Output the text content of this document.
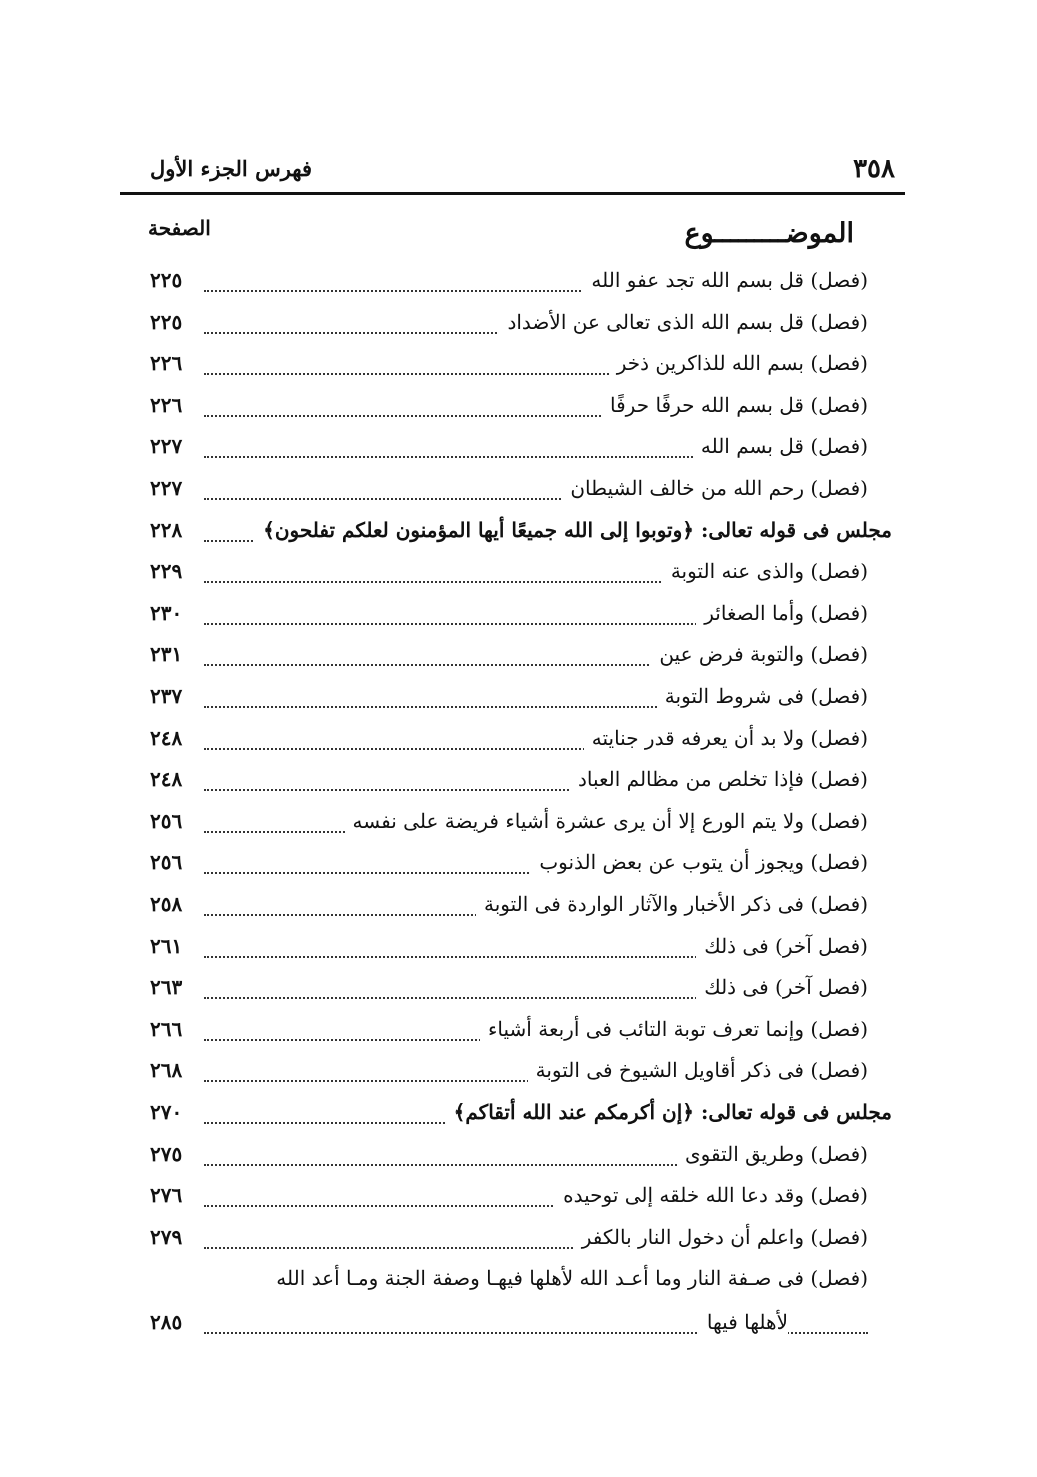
٣٥٨
فهرس الجزء الأول
الموضـــــــــوع
الصفحة
(فصل) قل بسم الله تجد عفو الله
٢٢٥
(فصل) قل بسم الله الذى تعالى عن الأضداد
٢٢٥
(فصل) بسم الله للذاكرين ذخر
٢٢٦
(فصل) قل بسم الله حرفًا حرفًا
٢٢٦
(فصل) قل بسم الله
٢٢٧
(فصل) رحم الله من خالف الشيطان
٢٢٧
مجلس فى قوله تعالى: ﴿وتوبوا إلى الله جميعًا أيها المؤمنون لعلكم تفلحون﴾
٢٢٨
(فصل) والذى عنه التوبة
٢٢٩
(فصل) وأما الصغائر
٢٣٠
(فصل) والتوبة فرض عين
٢٣١
(فصل) فى شروط التوبة
٢٣٧
(فصل) ولا بد أن يعرفه قدر جنايته
٢٤٨
(فصل) فإذا تخلص من مظالم العباد
٢٤٨
(فصل) ولا يتم الورع إلا أن يرى عشرة أشياء فريضة على نفسه
٢٥٦
(فصل) ويجوز أن يتوب عن بعض الذنوب
٢٥٦
(فصل) فى ذكر الأخبار والآثار الواردة فى التوبة
٢٥٨
(فصل آخر) فى ذلك
٢٦١
(فصل آخر) فى ذلك
٢٦٣
(فصل) وإنما تعرف توبة التائب فى أربعة أشياء
٢٦٦
(فصل) فى ذكر أقاويل الشيوخ فى التوبة
٢٦٨
مجلس فى قوله تعالى: ﴿إن أكرمكم عند الله أتقاكم﴾
٢٧٠
(فصل) وطريق التقوى
٢٧٥
(فصل) وقد دعا الله خلقه إلى توحيده
٢٧٦
(فصل) واعلم أن دخول النار بالكفر
٢٧٩
(فصل) فى صـفة النار وما أعـد الله لأهلها فيهـا وصفة الجنة ومـا أعد الله
لأهلها فيها
٢٨٥
